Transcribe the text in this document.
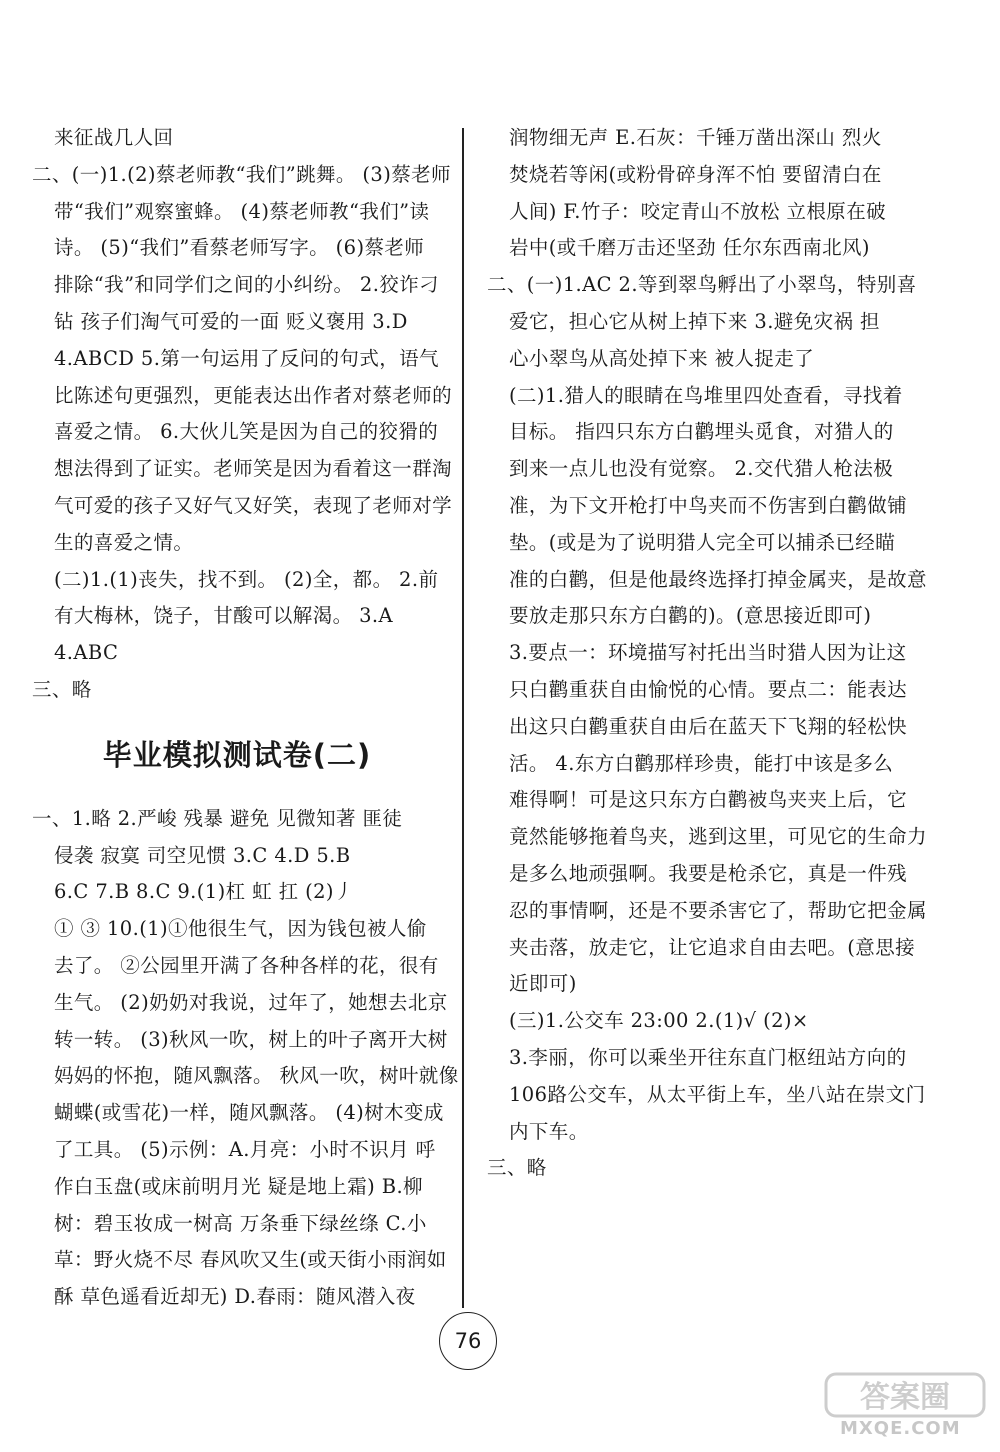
来征战几人回
二、(一)1.(2)蔡老师教“我们”跳舞。 (3)蔡老师
带“我们”观察蜜蜂。 (4)蔡老师教“我们”读
诗。 (5)“我们”看蔡老师写字。 (6)蔡老师
排除“我”和同学们之间的小纠纷。 2.狡诈刁
钻 孩子们淘气可爱的一面 贬义褒用 3.D
4.ABCD 5.第一句运用了反问的句式，语气
比陈述句更强烈，更能表达出作者对蔡老师的
喜爱之情。 6.大伙儿笑是因为自己的狡猾的
想法得到了证实。老师笑是因为看着这一群淘
气可爱的孩子又好气又好笑，表现了老师对学
生的喜爱之情。
(二)1.(1)丧失，找不到。 (2)全，都。 2.前
有大梅林，饶子，甘酸可以解渴。 3.A
4.ABC
三、略
毕业模拟测试卷(二)
一、1.略 2.严峻 残暴 避免 见微知著 匪徒
侵袭 寂寞 司空见惯 3.C 4.D 5.B
6.C 7.B 8.C 9.(1)杠 虹 扛 (2)丿
① ③ 10.(1)①他很生气，因为钱包被人偷
去了。 ②公园里开满了各种各样的花，很有
生气。 (2)奶奶对我说，过年了，她想去北京
转一转。 (3)秋风一吹，树上的叶子离开大树
妈妈的怀抱，随风飘落。 秋风一吹，树叶就像
蝴蝶(或雪花)一样，随风飘落。 (4)树木变成
了工具。 (5)示例：A.月亮：小时不识月 呼
作白玉盘(或床前明月光 疑是地上霜) B.柳
树：碧玉妆成一树高 万条垂下绿丝绦 C.小
草：野火烧不尽 春风吹又生(或天街小雨润如
酥 草色遥看近却无) D.春雨：随风潜入夜
润物细无声 E.石灰：千锤万凿出深山 烈火
焚烧若等闲(或粉骨碎身浑不怕 要留清白在
人间) F.竹子：咬定青山不放松 立根原在破
岩中(或千磨万击还坚劲 任尔东西南北风)
二、(一)1.AC 2.等到翠鸟孵出了小翠鸟，特别喜
爱它，担心它从树上掉下来 3.避免灾祸 担
心小翠鸟从高处掉下来 被人捉走了
(二)1.猎人的眼睛在鸟堆里四处查看，寻找着
目标。 指四只东方白鹳埋头觅食，对猎人的
到来一点儿也没有觉察。 2.交代猎人枪法极
准，为下文开枪打中鸟夹而不伤害到白鹳做铺
垫。(或是为了说明猎人完全可以捕杀已经瞄
准的白鹳，但是他最终选择打掉金属夹，是故意
要放走那只东方白鹳的)。(意思接近即可)
3.要点一：环境描写衬托出当时猎人因为让这
只白鹳重获自由愉悦的心情。要点二：能表达
出这只白鹳重获自由后在蓝天下飞翔的轻松快
活。 4.东方白鹳那样珍贵，能打中该是多么
难得啊！可是这只东方白鹳被鸟夹夹上后，它
竟然能够拖着鸟夹，逃到这里，可见它的生命力
是多么地顽强啊。我要是枪杀它，真是一件残
忍的事情啊，还是不要杀害它了，帮助它把金属
夹击落，放走它，让它追求自由去吧。(意思接
近即可)
(三)1.公交车 23:00 2.(1)√ (2)×
3.李丽，你可以乘坐开往东直门枢纽站方向的
106路公交车，从太平街上车，坐八站在崇文门
内下车。
三、略
76
答案圈
MXQE.COM
